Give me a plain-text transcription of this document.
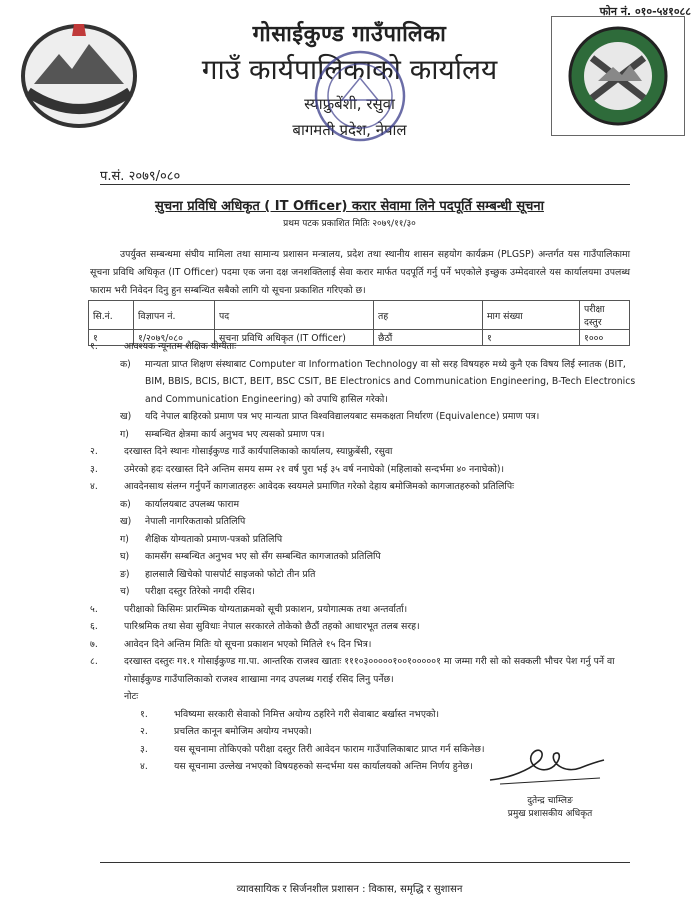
फोन नं. ०१०-५४१०८८
गोसाईकुण्ड गाउँपालिका
गाउँ कार्यपालिकाको कार्यालय
स्याफ्रुबेंशी, रसुवा
बागमती प्रदेश, नेपाल
प.सं. २०७९/०८०
सुचना प्रविधि अधिकृत ( IT Officer) करार सेवामा लिने पदपूर्ति सम्बन्धी सूचना
प्रथम पटक प्रकाशित मितिः २०७९/११/३०
उपर्युक्त सम्बन्धमा संघीय मामिला तथा सामान्य प्रशासन मन्त्रालय, प्रदेश तथा स्थानीय शासन सहयोग कार्यक्रम (PLGSP) अन्तर्गत यस गाउँपालिकामा सूचना प्रविधि अधिकृत (IT Officer) पदमा एक जना दक्ष जनशक्तिलाई सेवा करार मार्फत पदपूर्ति गर्नु पर्ने भएकोले इच्छुक उम्मेदवारले यस कार्यालयमा उपलब्ध फाराम भरी निवेदन दिनु हुन सम्बन्धित सबैको लागि यो सूचना प्रकाशित गरिएको छ।
सि.नं.	विज्ञापन नं.	पद	तह	माग संख्या	परीक्षा दस्तुर
१	१/२०७९/०८०	सूचना प्रविधि अधिकृत (IT Officer)	छैठौं	१	१०००
१.	आवश्यक न्यूनतम शैक्षिक योग्यताः
क) मान्यता प्राप्त शिक्षण संस्थाबाट Computer वा Information Technology वा सो सरह विषयहरु मध्ये कुनै एक विषय लिई स्नातक (BIT, BIM, BBIS, BCIS, BICT, BEIT, BSC CSIT, BE Electronics and Communication Engineering, B-Tech Electronics and Communication Engineering) को उपाधि हासिल गरेको।
ख) यदि नेपाल बाहिरको प्रमाण पत्र भए मान्यता प्राप्त विश्वविद्यालयबाट समकक्षता निर्धारण (Equivalence) प्रमाण पत्र।
ग) सम्बन्धित क्षेत्रमा कार्य अनुभव भए त्यसको प्रमाण पत्र।
२.	दरखास्त दिने स्थानः गोसाईकुण्ड गाउँ कार्यपालिकाको कार्यालय, स्याफ्रुबेंसी, रसुवा
३.	उमेरको हदः दरखास्त दिने अन्तिम समय सम्म २१ वर्ष पुरा भई ३५ वर्ष ननाघेको (महिलाको सन्दर्भमा ४० ननाघेको)।
४.	आवदेनसाथ संलग्न गर्नुपर्ने कागजातहरुः आवेदक स्वयमले प्रमाणित गरेको देहाय बमोजिमको कागजातहरुको प्रतिलिपिः
क) कार्यालयबाट उपलब्ध फाराम
ख) नेपाली नागरिकताको प्रतिलिपि
ग) शैक्षिक योग्यताको प्रमाण-पत्रको प्रतिलिपि
घ) कामसँग सम्बन्धित अनुभव भए सो सँग सम्बन्धित कागजातको प्रतिलिपि
ङ) हालसालै खिचेको पासपोर्ट साइजको फोटो तीन प्रति
च) परीक्षा दस्तुर तिरेको नगदी रसिद।
५.	परीक्षाको किसिमः प्रारम्भिक योग्यताक्रमको सूची प्रकाशन, प्रयोगात्मक तथा अन्तर्वार्ता।
६.	पारिश्रमिक तथा सेवा सुविधाः नेपाल सरकारले तोकेको छैठौं तहको आधारभूत तलब सरह।
७.	आवेदन दिने अन्तिम मितिः यो सूचना प्रकाशन भएको मितिले १५ दिन भित्र।
८.	दरखास्त दस्तुरः ग१.१ गोसाईकुण्ड गा.पा. आन्तरिक राजश्व खाताः १११०३०००००१००१०००००१ मा जम्मा गरी सो को सक्कली भौचर पेश गर्नु पर्ने वा गोसाईकुण्ड गाउँपालिकाको राजश्व शाखामा नगद उपलब्ध गराई रसिद लिनु पर्नेछ।
नोटः
१.	भविष्यमा सरकारी सेवाको निमित्त अयोग्य ठहरिने गरी सेवाबाट बर्खास्त नभएको।
२.	प्रचलित कानून बमोजिम अयोग्य नभएको।
३.	यस सूचनामा तोकिएको परीक्षा दस्तुर तिरी आवेदन फाराम गाउँपालिकाबाट प्राप्त गर्न सकिनेछ।
४.	यस सूचनामा उल्लेख नभएको विषयहरुको सन्दर्भमा यस कार्यालयको अन्तिम निर्णय हुनेछ।
दुतेन्द्र चाम्लिङ
प्रमुख प्रशासकीय अधिकृत
व्यावसायिक र सिर्जनशील प्रशासन : विकास, समृद्धि र सुशासन
